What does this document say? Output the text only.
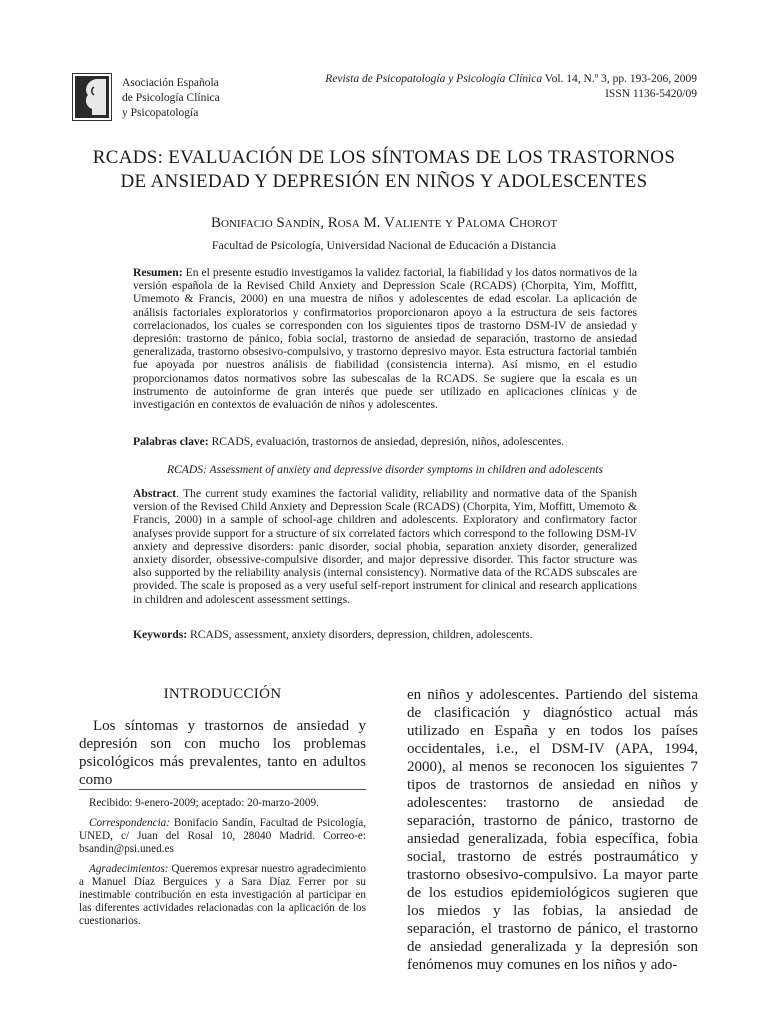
Asociación Española
de Psicología Clínica
y Psicopatología
Revista de Psicopatología y Psicología Clínica Vol. 14, N.º 3, pp. 193-206, 2009
ISSN 1136-5420/09
RCADS: EVALUACIÓN DE LOS SÍNTOMAS DE LOS TRASTORNOS
DE ANSIEDAD Y DEPRESIÓN EN NIÑOS Y ADOLESCENTES
Bonifacio Sandín, Rosa M. Valiente y Paloma Chorot
Facultad de Psicología, Universidad Nacional de Educación a Distancia
Resumen: En el presente estudio investigamos la validez factorial, la fiabilidad y los datos normativos de la versión española de la Revised Child Anxiety and Depression Scale (RCADS) (Chorpita, Yim, Moffitt, Umemoto & Francis, 2000) en una muestra de niños y adolescentes de edad escolar. La aplicación de análisis factoriales exploratorios y confirmatorios proporcionaron apoyo a la estructura de seis factores correlacionados, los cuales se corresponden con los siguientes tipos de trastorno DSM-IV de ansiedad y depresión: trastorno de pánico, fobia social, trastorno de ansiedad de separación, trastorno de ansiedad generalizada, trastorno obsesivo-compulsivo, y trastorno depresivo mayor. Esta estructura factorial también fue apoyada por nuestros análisis de fiabilidad (consistencia interna). Así mismo, en el estudio proporcionamos datos normativos sobre las subescalas de la RCADS. Se sugiere que la escala es un instrumento de autoinforme de gran interés que puede ser utilizado en aplicaciones clínicas y de investigación en contextos de evaluación de niños y adolescentes.
Palabras clave: RCADS, evaluación, trastornos de ansiedad, depresión, niños, adolescentes.
RCADS: Assessment of anxiety and depressive disorder symptoms in children and adolescents
Abstract. The current study examines the factorial validity, reliability and normative data of the Spanish version of the Revised Child Anxiety and Depression Scale (RCADS) (Chorpita, Yim, Moffitt, Umemoto & Francis, 2000) in a sample of school-age children and adolescents. Exploratory and confirmatory factor analyses provide support for a structure of six correlated factors which correspond to the following DSM-IV anxiety and depressive disorders: panic disorder, social phobia, separation anxiety disorder, generalized anxiety disorder, obsessive-compulsive disorder, and major depressive disorder. This factor structure was also supported by the reliability analysis (internal consistency). Normative data of the RCADS subscales are provided. The scale is proposed as a very useful self-report instrument for clinical and research applications in children and adolescent assessment settings.
Keywords: RCADS, assessment, anxiety disorders, depression, children, adolescents.
INTRODUCCIÓN
Los síntomas y trastornos de ansiedad y depresión son con mucho los problemas psicológicos más prevalentes, tanto en adultos como

Recibido: 9-enero-2009; aceptado: 20-marzo-2009.

Correspondencia: Bonifacio Sandín, Facultad de Psicología, UNED, c/ Juan del Rosal 10, 28040 Madrid. Correo-e: bsandin@psi.uned.es

Agradecimientos: Queremos expresar nuestro agradecimiento a Manuel Díaz Berguices y a Sara Díaz Ferrer por su inestimable contribución en esta investigación al participar en las diferentes actividades relacionadas con la aplicación de los cuestionarios.

en niños y adolescentes. Partiendo del sistema de clasificación y diagnóstico actual más utilizado en España y en todos los países occidentales, i.e., el DSM-IV (APA, 1994, 2000), al menos se reconocen los siguientes 7 tipos de trastornos de ansiedad en niños y adolescentes: trastorno de ansiedad de separación, trastorno de pánico, trastorno de ansiedad generalizada, fobia específica, fobia social, trastorno de estrés postraumático y trastorno obsesivo-compulsivo. La mayor parte de los estudios epidemiológicos sugieren que los miedos y las fobias, la ansiedad de separación, el trastorno de pánico, el trastorno de ansiedad generalizada y la depresión son fenómenos muy comunes en los niños y ado-
